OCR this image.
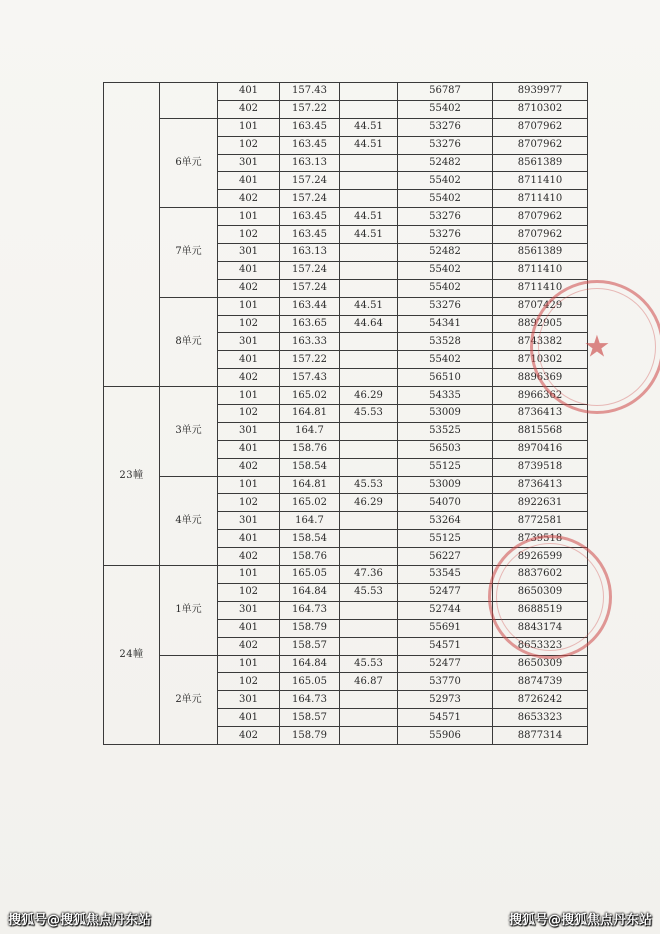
		401	157.43		56787	8939977
		402	157.22		55402	8710302
	6单元	101	163.45	44.51	53276	8707962
		102	163.45	44.51	53276	8707962
		301	163.13		52482	8561389
		401	157.24		55402	8711410
		402	157.24		55402	8711410
	7单元	101	163.45	44.51	53276	8707962
		102	163.45	44.51	53276	8707962
		301	163.13		52482	8561389
		401	157.24		55402	8711410
		402	157.24		55402	8711410
	8单元	101	163.44	44.51	53276	8707429
		102	163.65	44.64	54341	8892905
		301	163.33		53528	8743382
		401	157.22		55402	8710302
		402	157.43		56510	8896369
23幢	3单元	101	165.02	46.29	54335	8966362
		102	164.81	45.53	53009	8736413
		301	164.7		53525	8815568
		401	158.76		56503	8970416
		402	158.54		55125	8739518
	4单元	101	164.81	45.53	53009	8736413
		102	165.02	46.29	54070	8922631
		301	164.7		53264	8772581
		401	158.54		55125	8739518
		402	158.76		56227	8926599
24幢	1单元	101	165.05	47.36	53545	8837602
		102	164.84	45.53	52477	8650309
		301	164.73		52744	8688519
		401	158.79		55691	8843174
		402	158.57		54571	8653323
	2单元	101	164.84	45.53	52477	8650309
		102	165.05	46.87	53770	8874739
		301	164.73		52973	8726242
		401	158.57		54571	8653323
		402	158.79		55906	8877314
★
搜狐号@搜狐焦点丹东站	搜狐号@搜狐焦点丹东站
